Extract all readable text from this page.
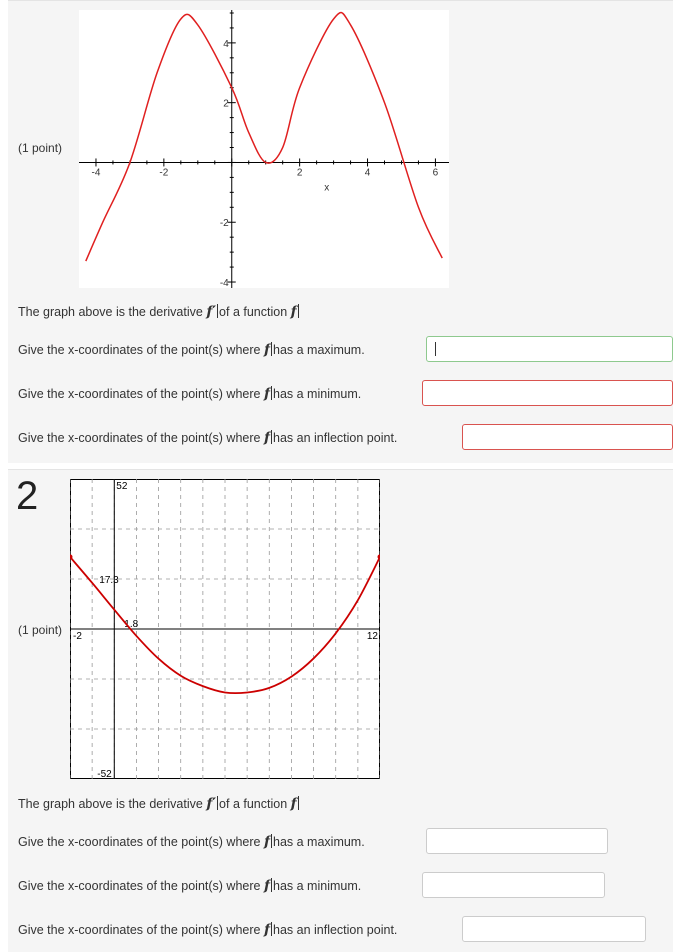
(1 point)
-4	-2	2	4	6
4
2
-2
-4
x
The graph above is the derivative f′ of a function f
Give the x-coordinates of the point(s) where f has a maximum.
Give the x-coordinates of the point(s) where f has a minimum.
Give the x-coordinates of the point(s) where f has an inflection point.
2
(1 point)
52
17.3
1.8
-52
-2	12
The graph above is the derivative f′ of a function f
Give the x-coordinates of the point(s) where f has a maximum.
Give the x-coordinates of the point(s) where f has a minimum.
Give the x-coordinates of the point(s) where f has an inflection point.
